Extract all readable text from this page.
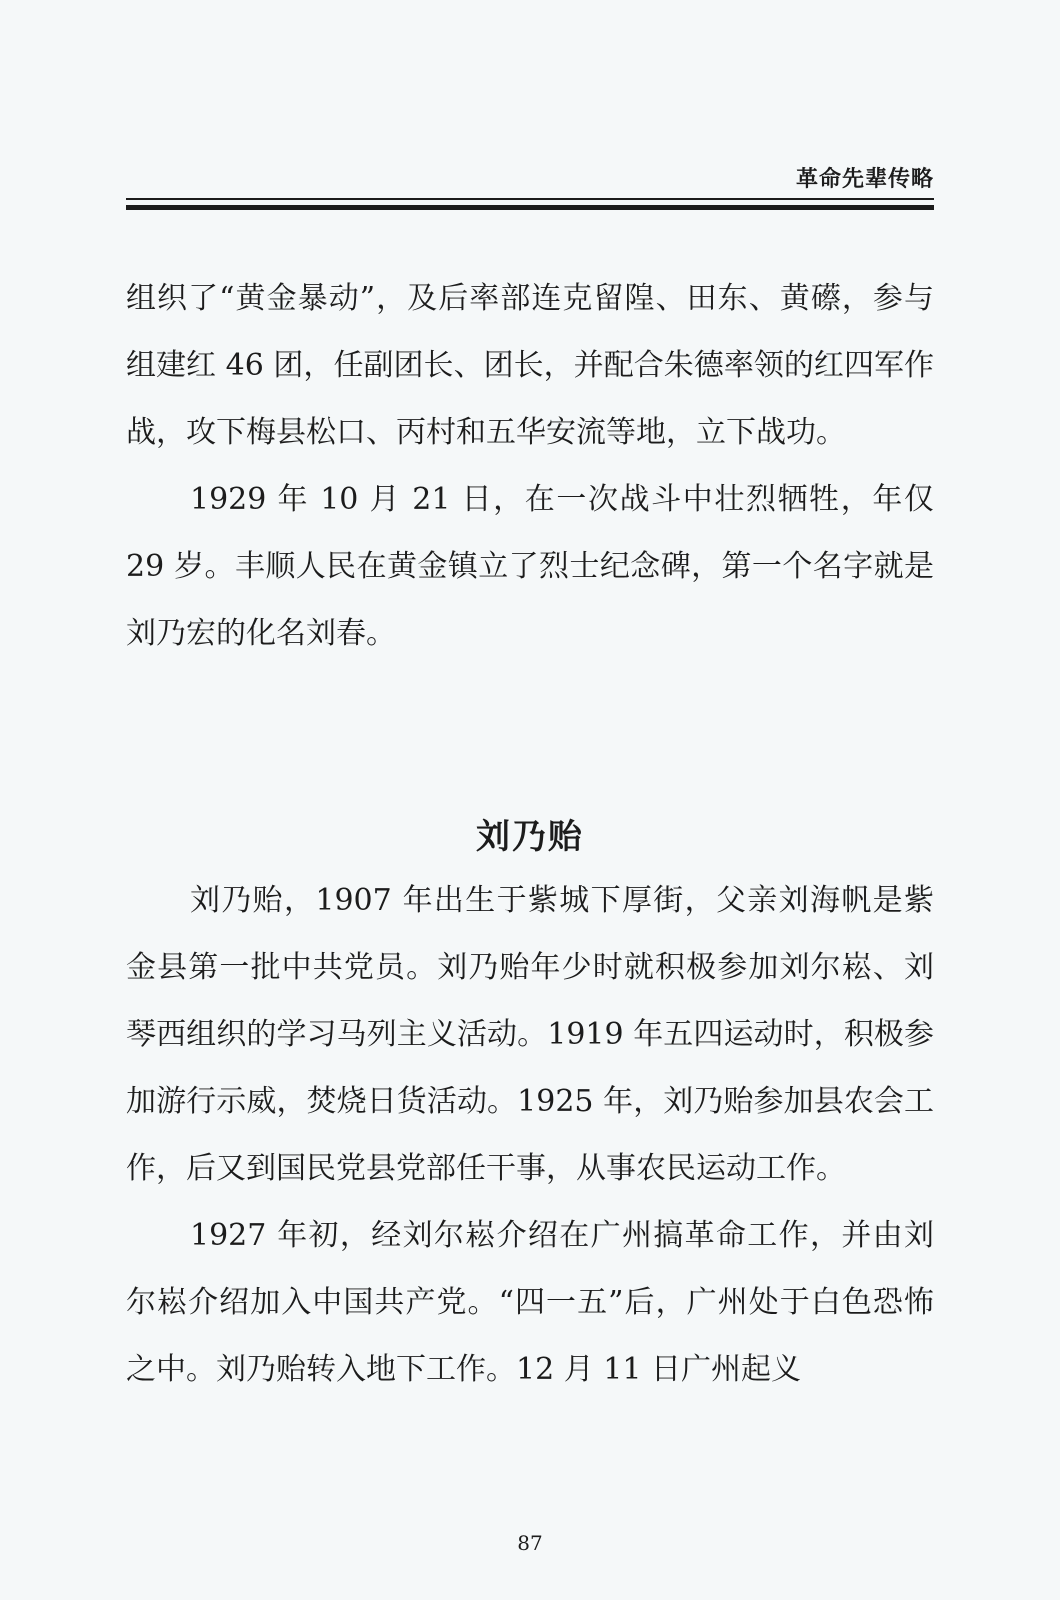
革命先辈传略

组织了“黄金暴动”，及后率部连克留隍、田东、黄礤，参与组建红 46 团，任副团长、团长，并配合朱德率领的红四军作战，攻下梅县松口、丙村和五华安流等地，立下战功。

1929 年 10 月 21 日，在一次战斗中壮烈牺牲，年仅 29 岁。丰顺人民在黄金镇立了烈士纪念碑，第一个名字就是刘乃宏的化名刘春。

刘乃贻

刘乃贻，1907 年出生于紫城下厚街，父亲刘海帆是紫金县第一批中共党员。刘乃贻年少时就积极参加刘尔崧、刘琴西组织的学习马列主义活动。1919 年五四运动时，积极参加游行示威，焚烧日货活动。1925 年，刘乃贻参加县农会工作，后又到国民党县党部任干事，从事农民运动工作。

1927 年初，经刘尔崧介绍在广州搞革命工作，并由刘尔崧介绍加入中国共产党。“四一五”后，广州处于白色恐怖之中。刘乃贻转入地下工作。12 月 11 日广州起义

87
